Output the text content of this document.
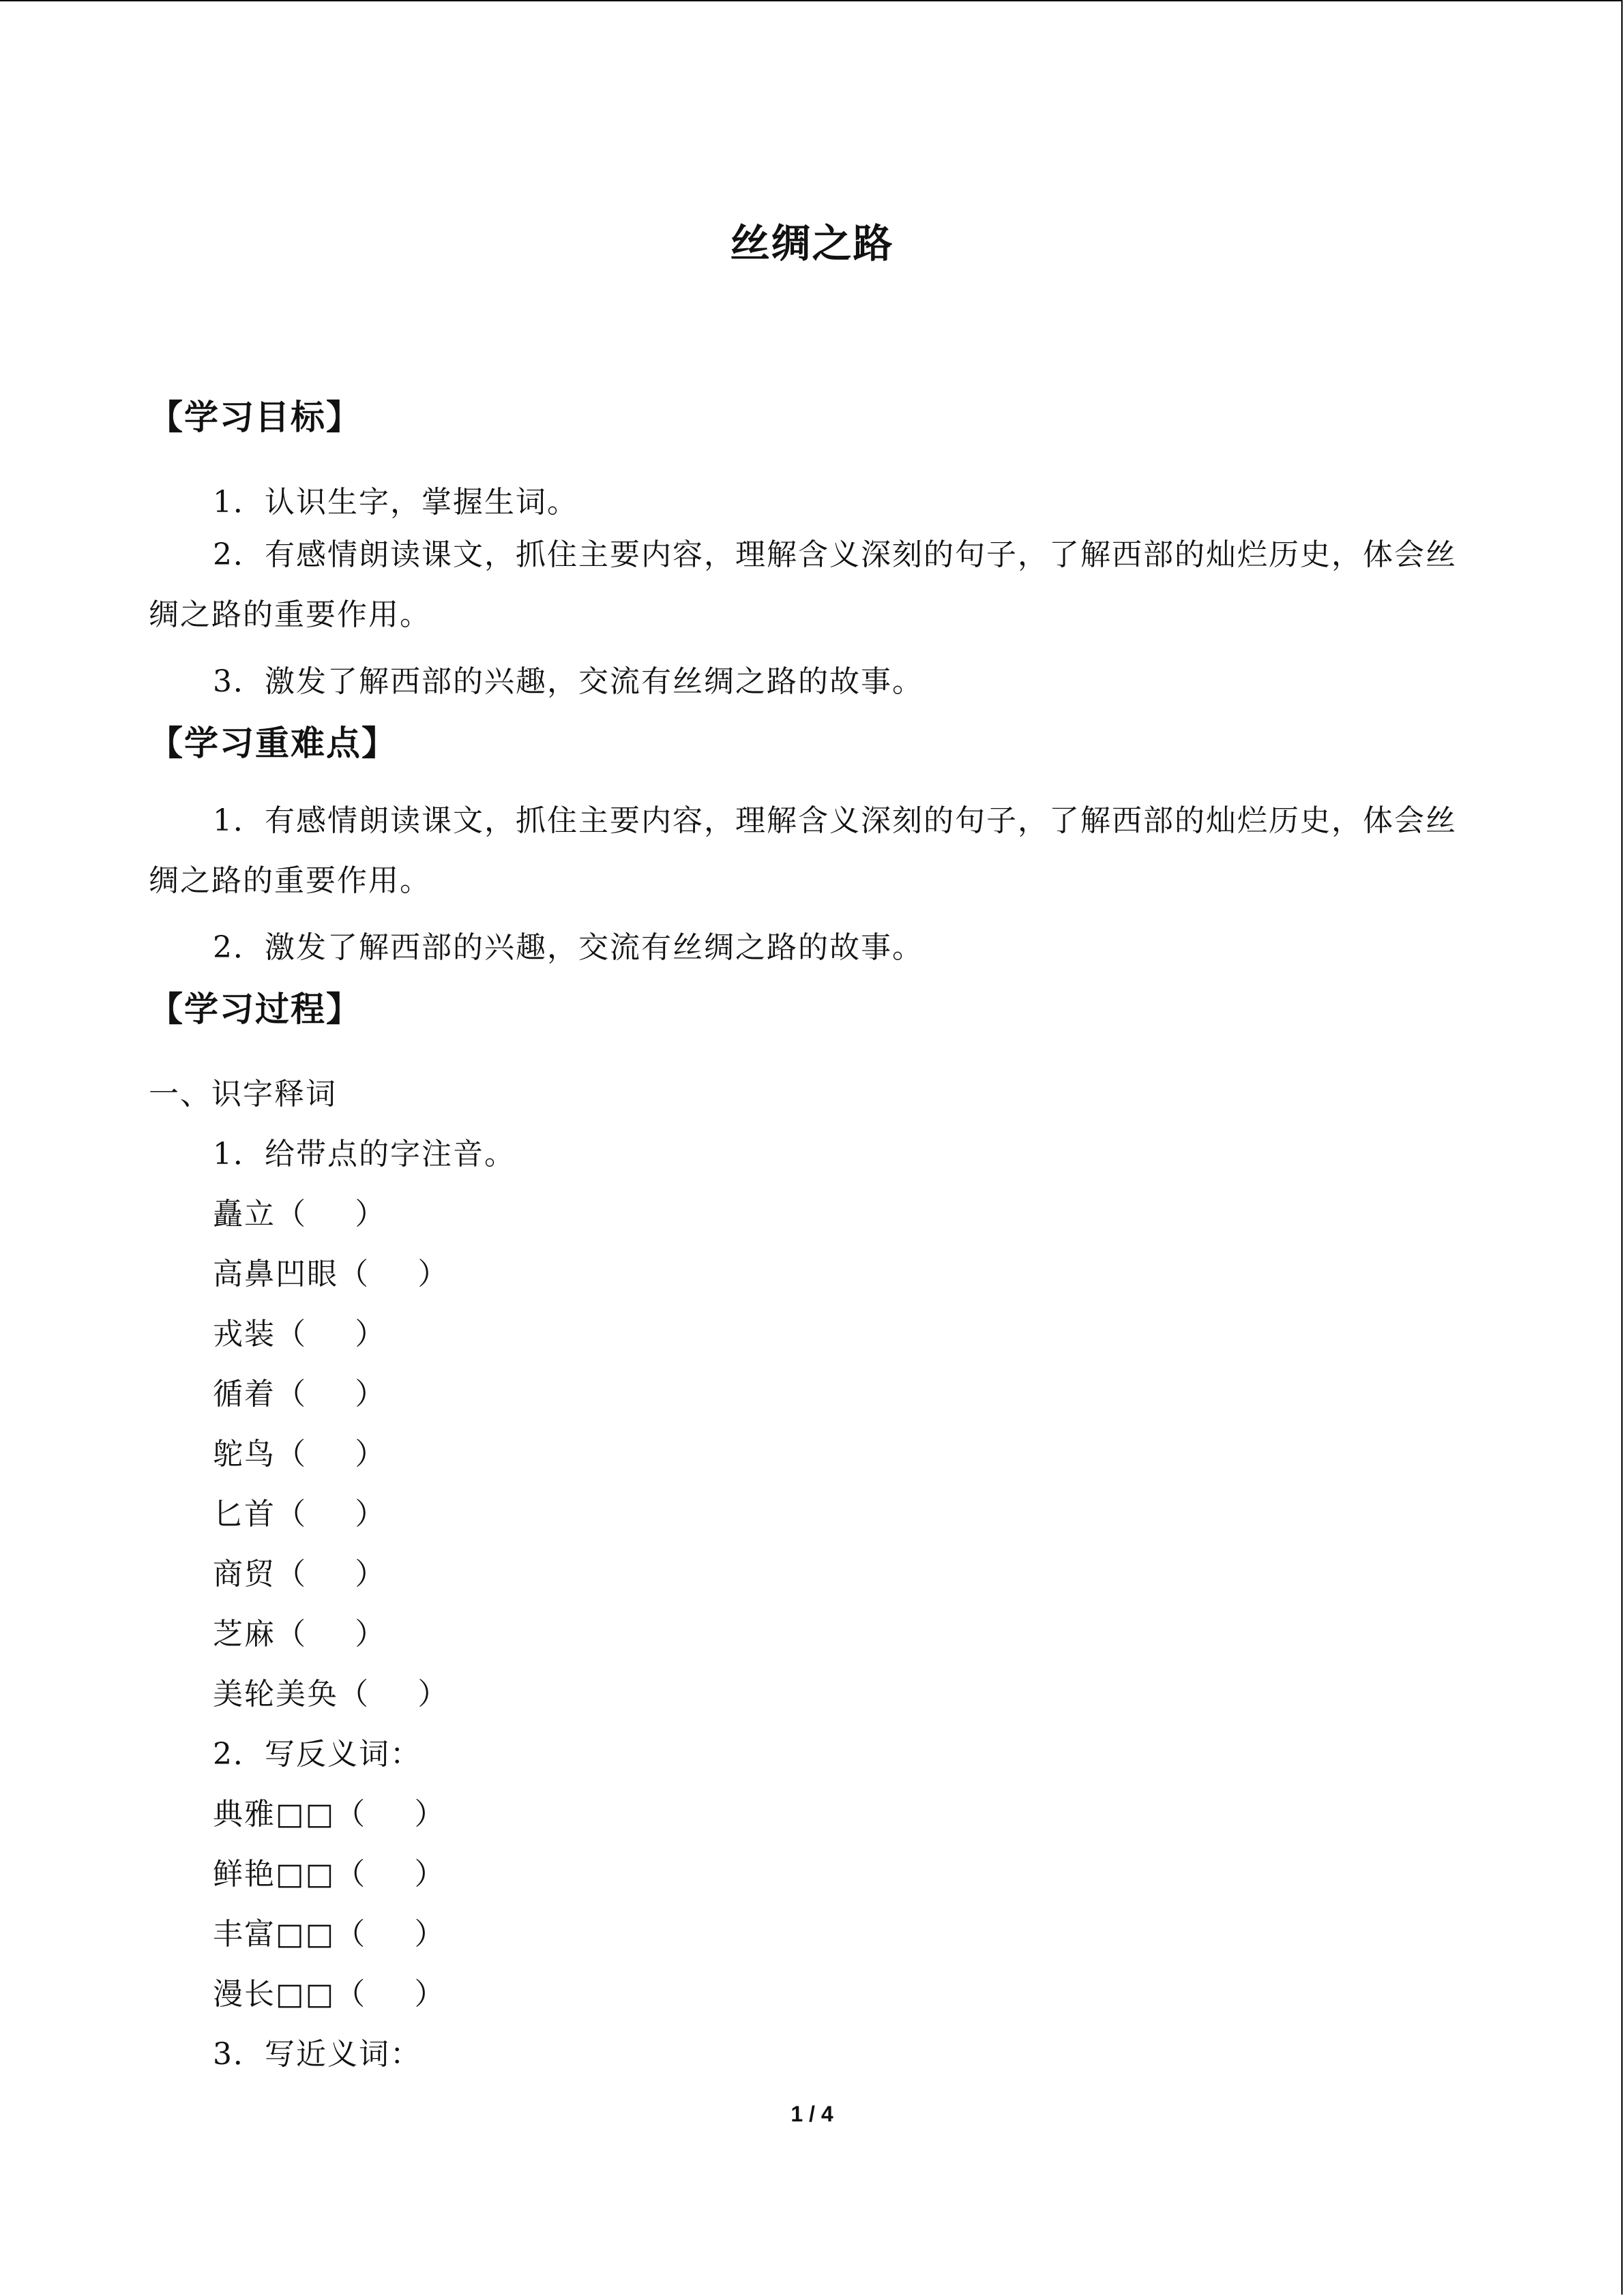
丝绸之路
【学习目标】
1．认识生字，掌握生词。
2．有感情朗读课文，抓住主要内容，理解含义深刻的句子，了解西部的灿烂历史，体会丝绸之路的重要作用。
3．激发了解西部的兴趣，交流有丝绸之路的故事。
【学习重难点】
1．有感情朗读课文，抓住主要内容，理解含义深刻的句子，了解西部的灿烂历史，体会丝绸之路的重要作用。
2．激发了解西部的兴趣，交流有丝绸之路的故事。
【学习过程】
一、识字释词
1．给带点的字注音。
矗立（ ）
高鼻凹眼（ ）
戎装（ ）
循着（ ）
鸵鸟（ ）
匕首（ ）
商贸（ ）
芝麻（ ）
美轮美奂（ ）
2．写反义词：
典雅□□（ ）
鲜艳□□（ ）
丰富□□（ ）
漫长□□（ ）
3．写近义词：
1 / 4
